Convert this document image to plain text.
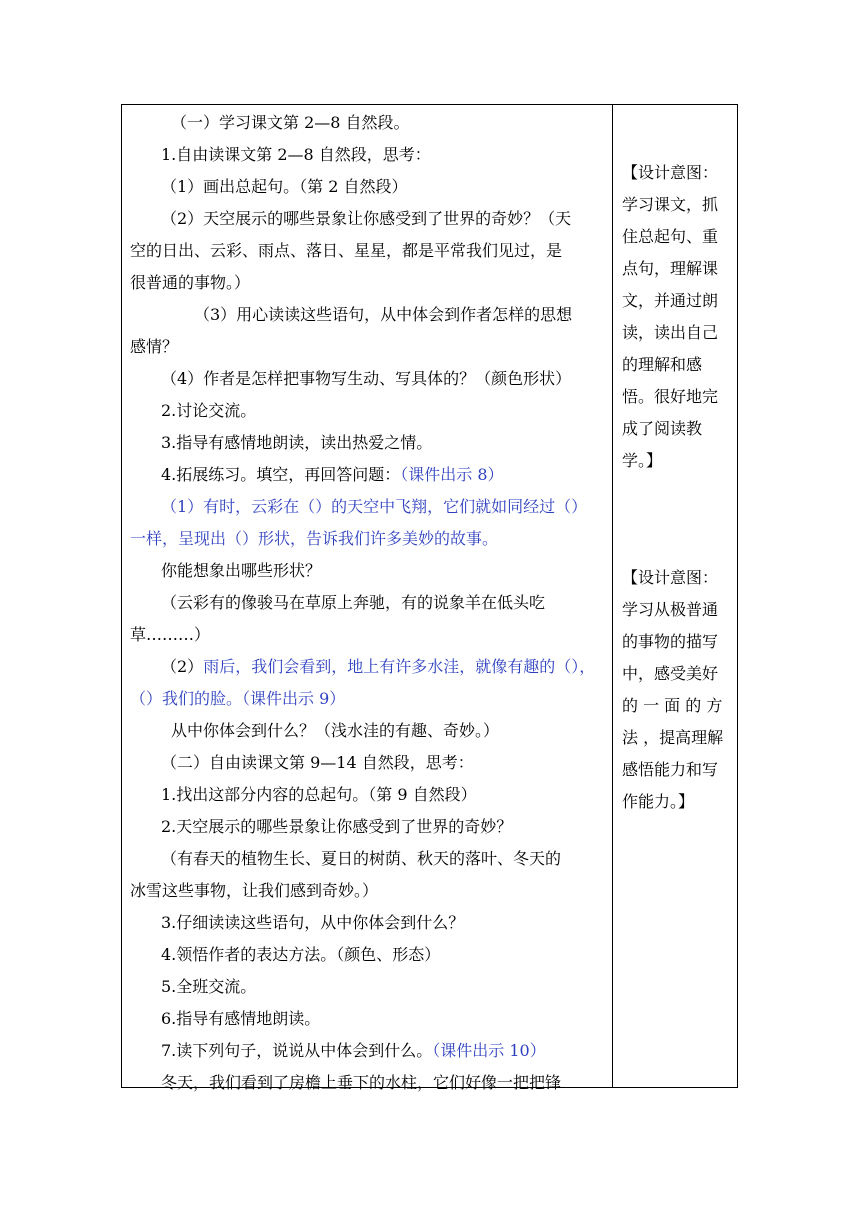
（一）学习课文第 2—8 自然段。
1.自由读课文第 2—8 自然段，思考：
（1）画出总起句。（第 2 自然段）
（2）天空展示的哪些景象让你感受到了世界的奇妙？（天
空的日出、云彩、雨点、落日、星星，都是平常我们见过，是
很普通的事物。）
（3）用心读读这些语句，从中体会到作者怎样的思想
感情？
（4）作者是怎样把事物写生动、写具体的？（颜色形状）
2.讨论交流。
3.指导有感情地朗读，读出热爱之情。
4.拓展练习。填空，再回答问题：（课件出示 8）
（1）有时，云彩在（）的天空中飞翔，它们就如同经过（）
一样，呈现出（）形状，告诉我们许多美妙的故事。
你能想象出哪些形状？
（云彩有的像骏马在草原上奔驰，有的说象羊在低头吃
草………）
（2）雨后，我们会看到，地上有许多水洼，就像有趣的（），
（）我们的脸。（课件出示 9）
从中你体会到什么？（浅水洼的有趣、奇妙。）
（二）自由读课文第 9—14 自然段，思考：
1.找出这部分内容的总起句。（第 9 自然段）
2.天空展示的哪些景象让你感受到了世界的奇妙？
（有春天的植物生长、夏日的树荫、秋天的落叶、冬天的
冰雪这些事物，让我们感到奇妙。）
3.仔细读读这些语句，从中你体会到什么？
4.领悟作者的表达方法。（颜色、形态）
5.全班交流。
6.指导有感情地朗读。
7.读下列句子，说说从中体会到什么。（课件出示 10）
冬天，我们看到了房檐上垂下的水柱，它们好像一把把锋
【设计意图：
学习课文，抓
住总起句、重
点句，理解课
文，并通过朗
读，读出自己
的理解和感
悟。很好地完
成了阅读教
学。】
【设计意图：
学习从极普通
的事物的描写
中，感受美好
的 一 面 的 方
法 ，提高理解
感悟能力和写
作能力。】
